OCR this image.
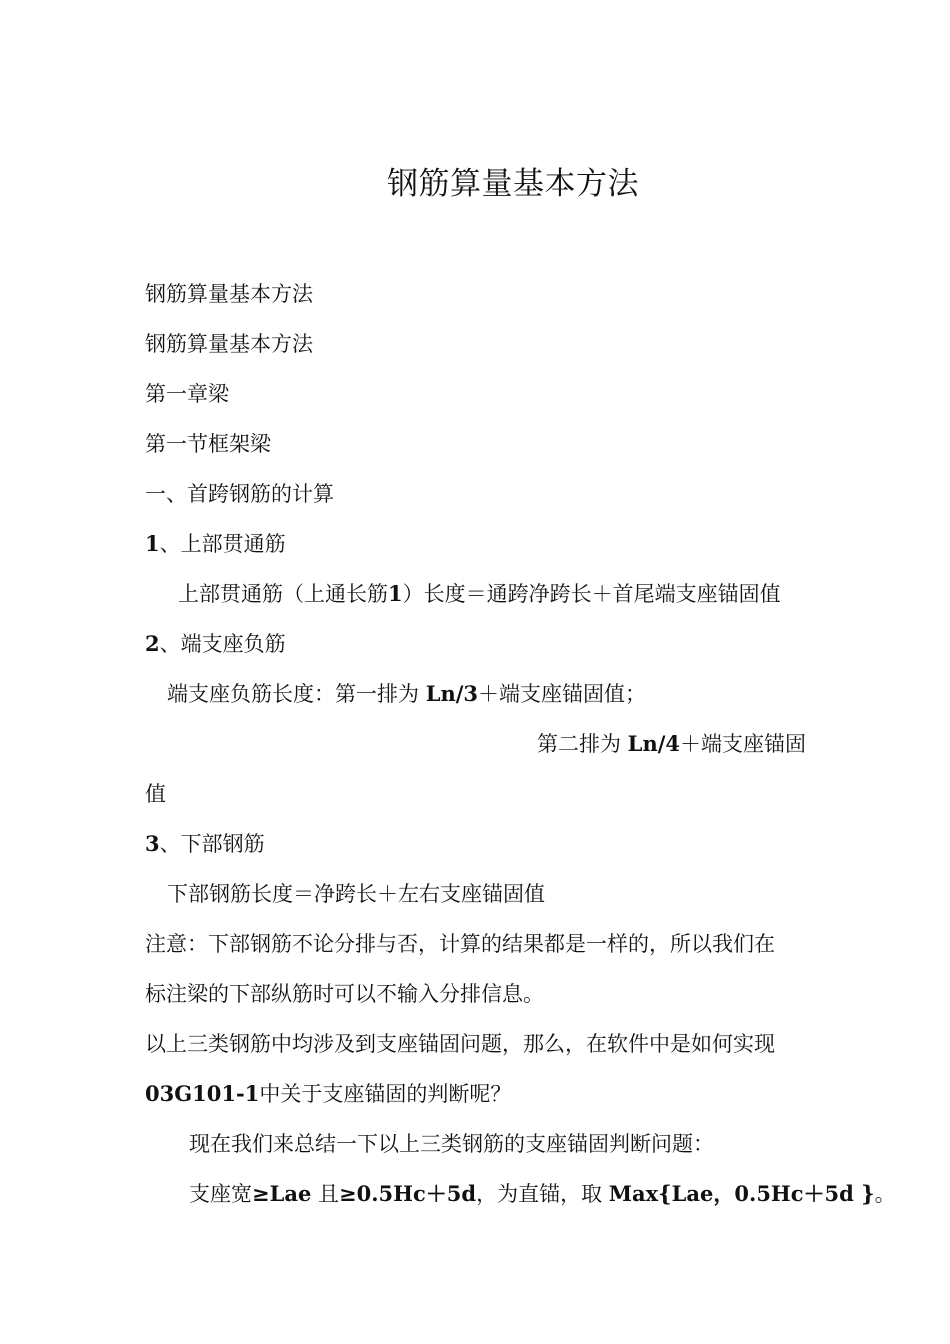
钢筋算量基本方法
钢筋算量基本方法
钢筋算量基本方法
第一章梁
第一节框架梁
一、首跨钢筋的计算
1、上部贯通筋
上部贯通筋（上通长筋1）长度＝通跨净跨长＋首尾端支座锚固值
2、端支座负筋
端支座负筋长度：第一排为 Ln/3＋端支座锚固值；
第二排为 Ln/4＋端支座锚固
值
3、下部钢筋
下部钢筋长度＝净跨长＋左右支座锚固值
注意：下部钢筋不论分排与否，计算的结果都是一样的，所以我们在
标注梁的下部纵筋时可以不输入分排信息。
以上三类钢筋中均涉及到支座锚固问题，那么，在软件中是如何实现
03G101-1中关于支座锚固的判断呢？
现在我们来总结一下以上三类钢筋的支座锚固判断问题：
支座宽≥Lae 且≥0.5Hc＋5d，为直锚，取 Max{Lae，0.5Hc＋5d }。
